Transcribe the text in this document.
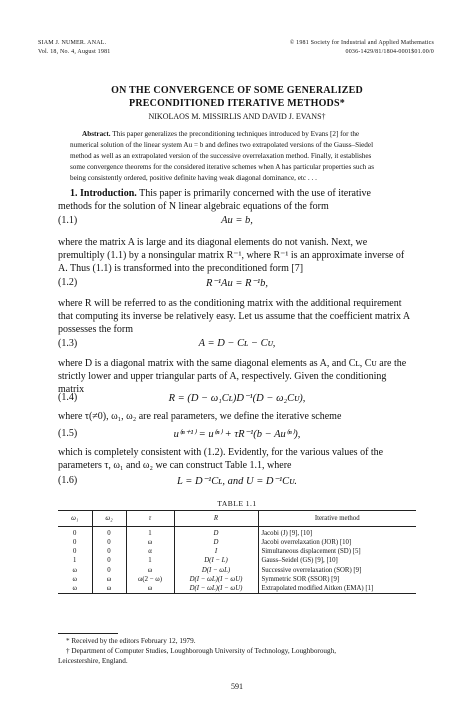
SIAM J. NUMER. ANAL.
Vol. 18, No. 4, August 1981
© 1981 Society for Industrial and Applied Mathematics
0036-1429/81/1804-0001$01.00/0
ON THE CONVERGENCE OF SOME GENERALIZED
PRECONDITIONED ITERATIVE METHODS*
NIKOLAOS M. MISSIRLIS AND DAVID J. EVANS†
Abstract. This paper generalizes the preconditioning techniques introduced by Evans [2] for the
numerical solution of the linear system Au = b and defines two extrapolated versions of the Gauss–Siedel
method as well as an extrapolated version of the successive overrelaxation method. Finally, it establishes
some convergence theorems for the considered iterative schemes when A has particular properties such as
being consistently ordered, positive definite having weak diagonal dominance, etc . . .
1. Introduction. This paper is primarily concerned with the use of iterative
methods for the solution of N linear algebraic equations of the form
(1.1)	Au = b,
where the matrix A is large and its diagonal elements do not vanish. Next, we
premultiply (1.1) by a nonsingular matrix R⁻¹, where R⁻¹ is an approximate inverse of
A. Thus (1.1) is transformed into the preconditioned form [7]
(1.2)	R⁻¹Au = R⁻¹b,
where R will be referred to as the conditioning matrix with the additional requirement
that computing its inverse be relatively easy. Let us assume that the coefficient matrix A
possesses the form
(1.3)	A = D − Cʟ − Cᴜ,
where D is a diagonal matrix with the same diagonal elements as A, and Cʟ, Cᴜ are the
strictly lower and upper triangular parts of A, respectively. Given the conditioning
matrix
(1.4)	R = (D − ω₁Cʟ)D⁻¹(D − ω₂Cᴜ),
where τ(≠0), ω₁, ω₂ are real parameters, we define the iterative scheme
(1.5)	u⁽ⁿ⁺¹⁾ = u⁽ⁿ⁾ + τR⁻¹(b − Au⁽ⁿ⁾),
which is completely consistent with (1.2). Evidently, for the various values of the
parameters τ, ω₁ and ω₂ we can construct Table 1.1, where
(1.6)	L = D⁻¹Cʟ, and U = D⁻¹Cᴜ.
TABLE 1.1
ω₁	ω₂	τ	R	Iterative method
0	0	1	D	Jacobi (J) [9], [10]
0	0	ω	D	Jacobi overrelaxation (JOR) [10]
0	0	α	I	Simultaneous displacement (SD) [5]
1	0	1	D(I − L)	Gauss–Seidel (GS) [9], [10]
ω	0	ω	D(I − ωL)	Successive overrelaxation (SOR) [9]
ω	ω	ω(2 − ω)	D(I − ωL)(I − ωU)	Symmetric SOR (SSOR) [9]
ω	ω	ω	D(I − ωL)(I − ωU)	Extrapolated modified Aitken (EMA) [1]
* Received by the editors February 12, 1979.
† Department of Computer Studies, Loughborough University of Technology, Loughborough,
Leicestershire, England.
591
